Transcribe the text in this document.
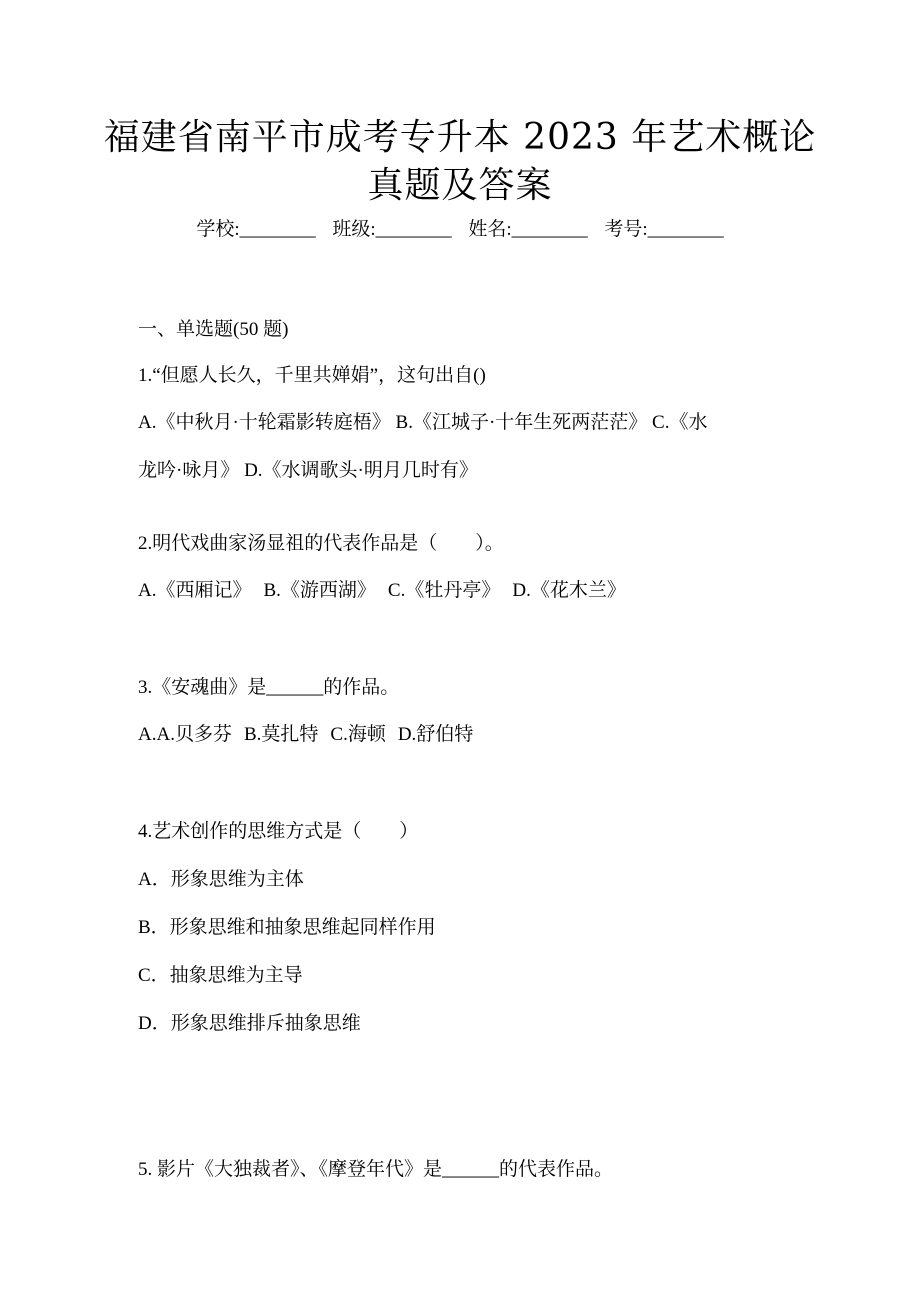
福建省南平市成考专升本 2023 年艺术概论
真题及答案
学校:________ 班级:________ 姓名:________ 考号:________
一、单选题(50 题)
1.“但愿人长久，千里共婵娟”，这句出自()
A.《中秋月·十轮霜影转庭梧》 B.《江城子·十年生死两茫茫》 C.《水
龙吟·咏月》 D.《水调歌头·明月几时有》
2.明代戏曲家汤显祖的代表作品是（　　）。
A.《西厢记》 B.《游西湖》 C.《牡丹亭》 D.《花木兰》
3.《安魂曲》是______的作品。
A.A.贝多芬 B.莫扎特 C.海顿 D.舒伯特
4.艺术创作的思维方式是（　　）
A．形象思维为主体
B．形象思维和抽象思维起同样作用
C．抽象思维为主导
D．形象思维排斥抽象思维
5. 影片《大独裁者》、《摩登年代》是______的代表作品。
